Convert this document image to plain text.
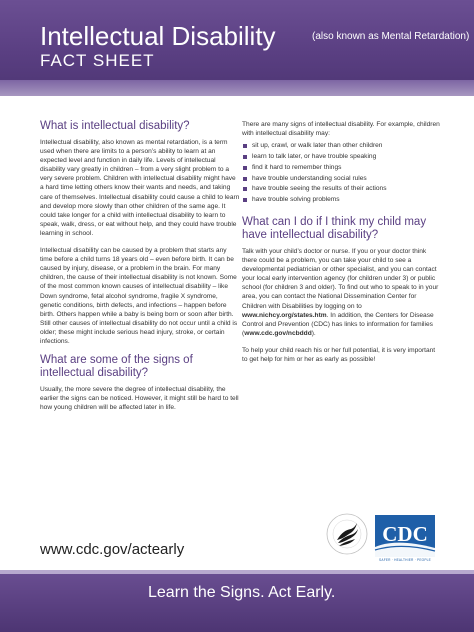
Intellectual Disability	(also known as Mental Retardation)
FACT SHEET
What is intellectual disability?

Intellectual disability, also known as mental retardation, is a term used when there are limits to a person’s ability to learn at an expected level and function in daily life. Levels of intellectual disability vary greatly in children – from a very slight problem to a very severe problem. Children with intellectual disability might have a hard time letting others know their wants and needs, and taking care of themselves. Intellectual disability could cause a child to learn and develop more slowly than other children of the same age. It could take longer for a child with intellectual disability to learn to speak, walk, dress, or eat without help, and they could have trouble learning in school.

Intellectual disability can be caused by a problem that starts any time before a child turns 18 years old – even before birth. It can be caused by injury, disease, or a problem in the brain. For many children, the cause of their intellectual disability is not known. Some of the most common known causes of intellectual disability – like Down syndrome, fetal alcohol syndrome, fragile X syndrome, genetic conditions, birth defects, and infections – happen before birth. Others happen while a baby is being born or soon after birth. Still other causes of intellectual disability do not occur until a child is older; these might include serious head injury, stroke, or certain infections.

What are some of the signs of intellectual disability?

Usually, the more severe the degree of intellectual disability, the earlier the signs can be noticed. However, it might still be hard to tell how young children will be affected later in life.

There are many signs of intellectual disability. For example, children with intellectual disability may:

sit up, crawl, or walk later than other children
learn to talk later, or have trouble speaking
find it hard to remember things
have trouble understanding social rules
have trouble seeing the results of their actions
have trouble solving problems
What can I do if I think my child may have intellectual disability?

Talk with your child’s doctor or nurse. If you or your doctor think there could be a problem, you can take your child to see a developmental pediatrician or other specialist, and you can contact your local early intervention agency (for children under 3) or public school (for children 3 and older). To find out who to speak to in your area, you can contact the National Dissemination Center for Children with Disabilities by logging on to www.nichcy.org/states.htm. In addition, the Centers for Disease Control and Prevention (CDC) has links to information for families (www.cdc.gov/ncbddd).

To help your child reach his or her full potential, it is very important to get help for him or her as early as possible!

www.cdc.gov/actearly
CDC
SAFER · HEALTHIER · PEOPLE
Learn the Signs. Act Early.
